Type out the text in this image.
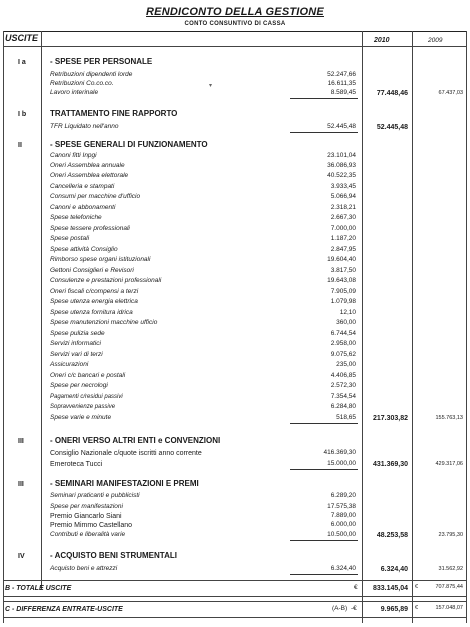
RENDICONTO DELLA GESTIONE
CONTO CONSUNTIVO DI CASSA
USCITE	2010	2009
I a	- SPESE PER PERSONALE
Retribuzioni dipendenti lorde	52.247,66
Retribuzioni Co.co.co.	16.611,35
Lavoro interinale	8.589,45	77.448,46	67.437,03
I b	TRATTAMENTO FINE RAPPORTO
TFR Liquidato nell'anno	52.445,48	52.445,48
II	- SPESE GENERALI DI FUNZIONAMENTO
Canoni fitti Inpgi	23.101,04
Oneri Assemblea annuale	36.086,93
Oneri Assemblea elettorale	40.522,35
Cancelleria e stampati	3.933,45
Consumi per macchine d'ufficio	5.066,94
Canoni e abbonamenti	2.318,21
Spese telefoniche	2.667,30
Spese tessere professionali	7.000,00
Spese postali	1.187,20
Spese attività Consiglio	2.847,95
Rimborso spese organi istituzionali	19.604,40
Gettoni Consiglieri e Revisori	3.817,50
Consulenze e prestazioni professionali	19.643,08
Oneri fiscali c/compensi a terzi	7.905,09
Spese utenza energia elettrica	1.079,98
Spese utenza fornitura idrica	12,10
Spese manutenzioni macchine ufficio	360,00
Spese pulizia sede	6.744,54
Servizi informatici	2.958,00
Servizi vari di terzi	9.075,62
Assicurazioni	235,00
Oneri c/c bancari e postali	4.406,85
Spese per necrologi	2.572,30
Pagamenti c/residui passivi	7.354,54
Sopravvenienze passive	6.284,80
Spese varie e minute	518,65	217.303,82	155.763,13
III	- ONERI VERSO ALTRI ENTI e CONVENZIONI
Consiglio Nazionale c/quote iscritti anno corrente	416.369,30
Emeroteca Tucci	15.000,00	431.369,30	429.317,06
III	- SEMINARI MANIFESTAZIONI E PREMI
Seminari praticanti e pubblicisti	6.289,20
Spese per manifestazioni	17.575,38
Premio Giancarlo Siani	7.889,00
Premio Mimmo Castellano	6.000,00
Contributi e liberalità varie	10.500,00	48.253,58	23.795,30
IV	- ACQUISTO BENI STRUMENTALI
Acquisto beni e attrezzi	6.324,40	6.324,40	31.562,92
▾
B - TOTALE USCITE	€	833.145,04 €	707.875,44
C - DIFFERENZA ENTRATE-USCITE	(A-B) -€	9.965,89 €	157.048,07
